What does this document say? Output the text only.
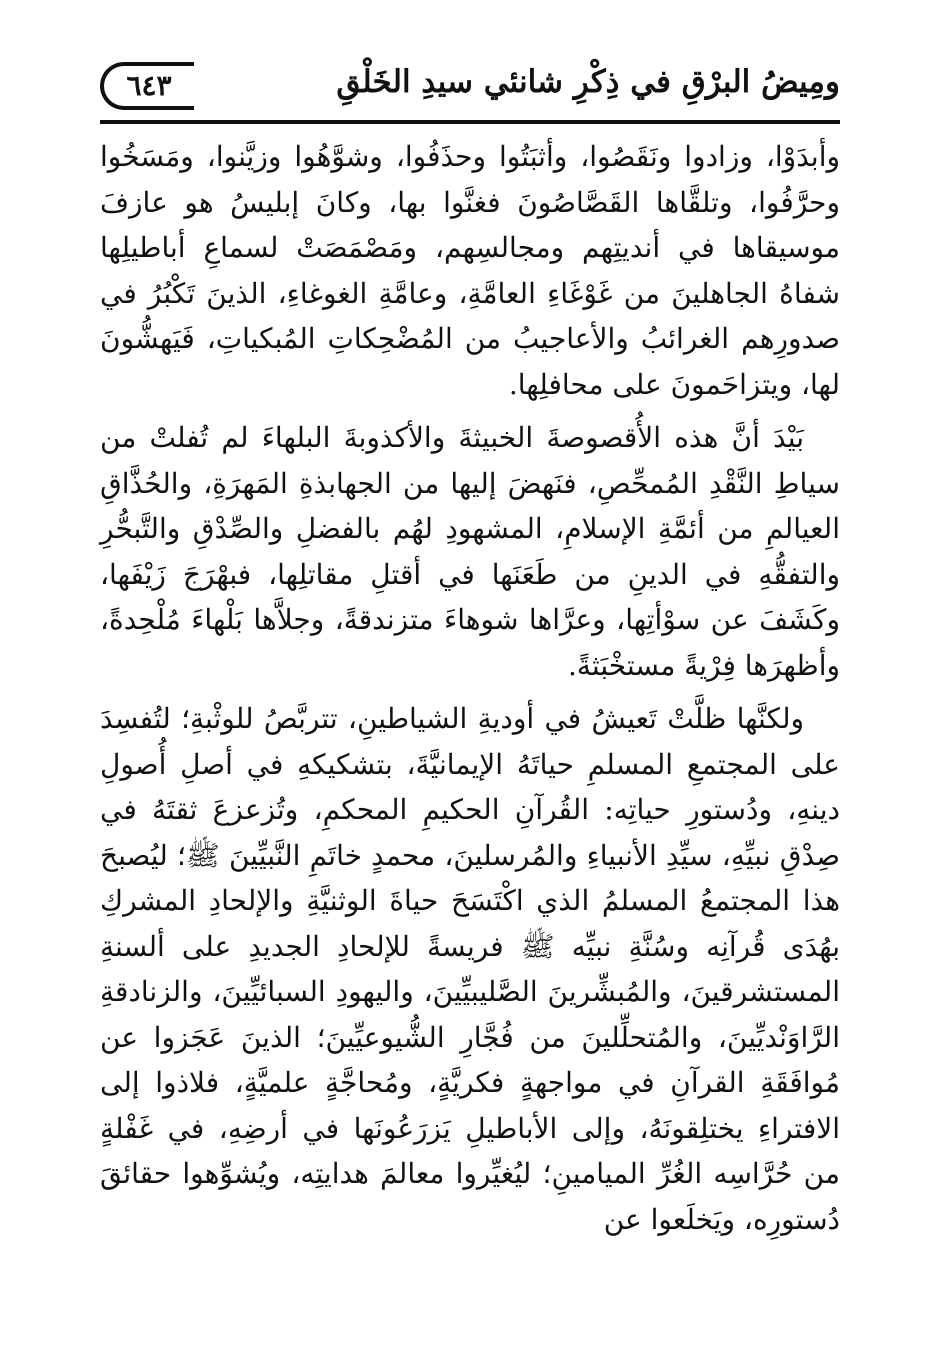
ومِيضُ البرْقِ في ذِكْرِ شانئي سيدِ الخَلْقِ
٦٤٣

وأبدَوْا، وزادوا ونَقَصُوا، وأثبَتُوا وحذَفُوا، وشوَّهُوا وزيَّنوا، ومَسَخُوا وحرَّفُوا، وتلقَّاها القَصَّاصُونَ فغنَّوا بها، وكانَ إبليسُ هو عازفَ موسيقاها في أنديتِهم ومجالسِهم، ومَصْمَصَتْ لسماعِ أباطيلِها شفاهُ الجاهلينَ من غَوْغَاءِ العامَّةِ، وعامَّةِ الغوغاءِ، الذينَ تَكْبُرُ في صدورِهم الغرائبُ والأعاجيبُ من المُضْحِكاتِ المُبكياتِ، فَيَهشُّونَ لها، ويتزاحَمونَ على محافلِها.

بَيْدَ أنَّ هذه الأُقصوصةَ الخبيثةَ والأكذوبةَ البلهاءَ لم تُفلتْ من سياطِ النَّقْدِ المُمحِّصِ، فنَهضَ إليها من الجهابذةِ المَهرَةِ، والحُذَّاقِ العيالمِ من أئمَّةِ الإسلامِ، المشهودِ لهُم بالفضلِ والصِّدْقِ والتَّبحُّرِ والتفقُّهِ في الدينِ من طَعَنَها في أقتلِ مقاتلِها، فبهْرَجَ زَيْفَها، وكَشَفَ عن سوْأتِها، وعرَّاها شوهاءَ متزندقةً، وجلاَّها بَلْهاءَ مُلْحِدةً، وأظهرَها فِرْيةً مستخْبَثةً.

ولكنَّها ظلَّتْ تَعيشُ في أوديةِ الشياطينِ، تتربَّصُ للوثْبةِ؛ لتُفسِدَ على المجتمعِ المسلمِ حياتَهُ الإيمانيَّةَ، بتشكيكهِ في أصلِ أُصولِ دينهِ، ودُستورِ حياتِه: القُرآنِ الحكيمِ المحكمِ، وتُزعزعَ ثقتَهُ في صِدْقِ نبيِّهِ، سيِّدِ الأنبياءِ والمُرسلينَ، محمدٍ خاتَمِ النَّبيِّينَ ﷺ؛ ليُصبحَ هذا المجتمعُ المسلمُ الذي اكْتَسَحَ حياةَ الوثنيَّةِ والإلحادِ المشركِ بهُدَى قُرآنِه وسُنَّةِ نبيِّه ﷺ فريسةً للإلحادِ الجديدِ على ألسنةِ المستشرقينَ، والمُبشِّرينَ الصَّليبيِّينَ، واليهودِ السبائيِّينَ، والزنادقةِ الرَّاوَنْديِّينَ، والمُتحلِّلينَ من فُجَّارِ الشُّيوعيِّينَ؛ الذينَ عَجَزوا عن مُوافَقَةِ القرآنِ في مواجهةٍ فكريَّةٍ، ومُحاجَّةٍ علميَّةٍ، فلاذوا إلى الافتراءِ يختلِقونَهُ، وإلى الأباطيلِ يَزرَعُونَها في أرضِهِ، في غَفْلةٍ من حُرَّاسِه الغُرِّ الميامينِ؛ ليُغيِّروا معالمَ هدايتِه، ويُشوِّهوا حقائقَ دُستورِه، ويَخلَعوا عن
